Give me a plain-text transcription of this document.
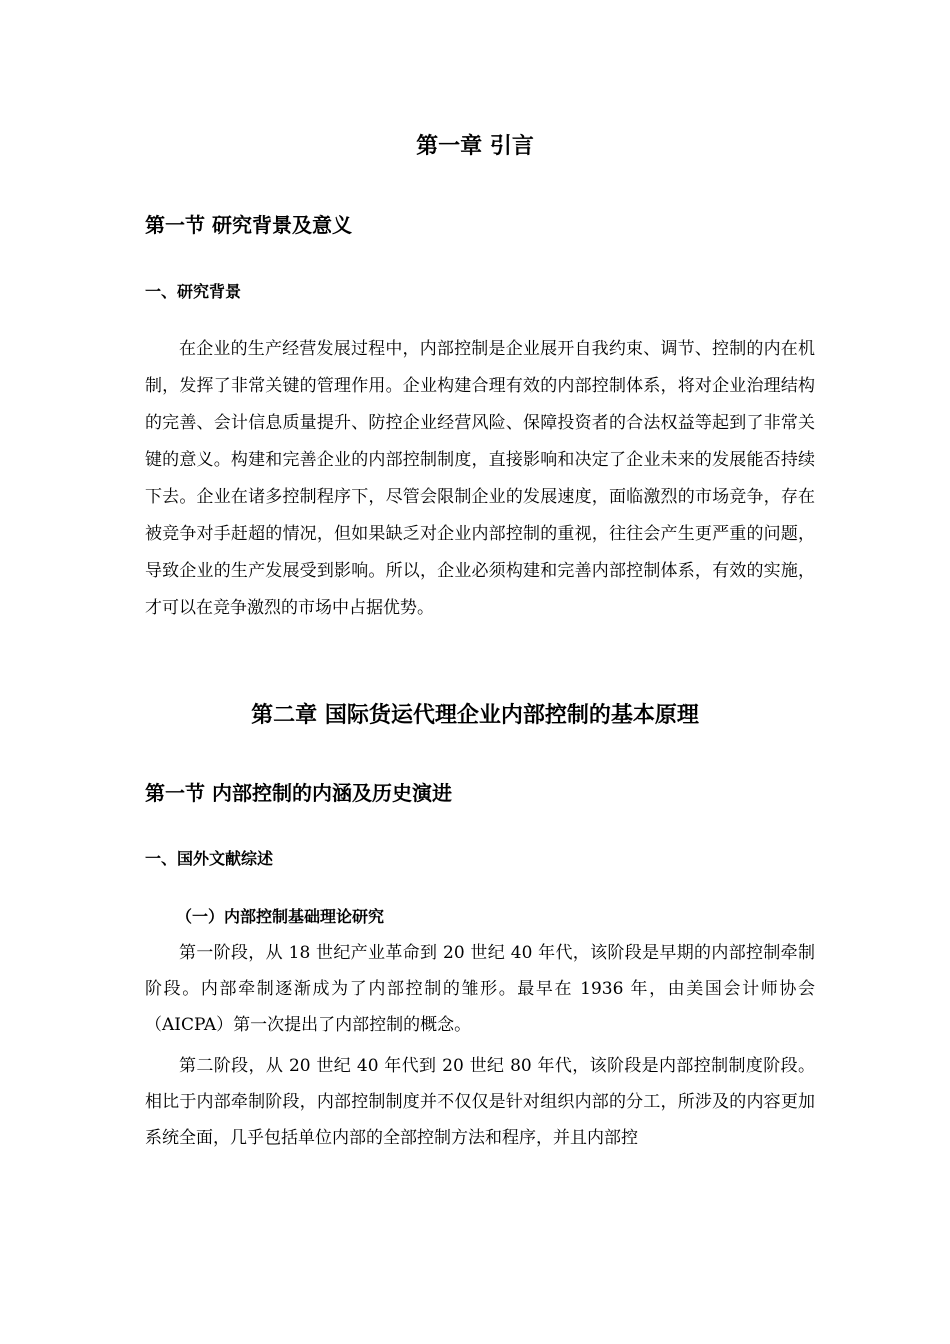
第一章 引言
第一节 研究背景及意义
一、研究背景

在企业的生产经营发展过程中，内部控制是企业展开自我约束、调节、控制的内在机制，发挥了非常关键的管理作用。企业构建合理有效的内部控制体系，将对企业治理结构的完善、会计信息质量提升、防控企业经营风险、保障投资者的合法权益等起到了非常关键的意义。构建和完善企业的内部控制制度，直接影响和决定了企业未来的发展能否持续下去。企业在诸多控制程序下，尽管会限制企业的发展速度，面临激烈的市场竞争，存在被竞争对手赶超的情况，但如果缺乏对企业内部控制的重视，往往会产生更严重的问题，导致企业的生产发展受到影响。所以，企业必须构建和完善内部控制体系，有效的实施，才可以在竞争激烈的市场中占据优势。

第二章 国际货运代理企业内部控制的基本原理
第一节 内部控制的内涵及历史演进
一、国外文献综述
（一）内部控制基础理论研究

第一阶段，从 18 世纪产业革命到 20 世纪 40 年代，该阶段是早期的内部控制牵制阶段。内部牵制逐渐成为了内部控制的雏形。最早在 1936 年，由美国会计师协会（AICPA）第一次提出了内部控制的概念。

第二阶段，从 20 世纪 40 年代到 20 世纪 80 年代，该阶段是内部控制制度阶段。相比于内部牵制阶段，内部控制制度并不仅仅是针对组织内部的分工，所涉及的内容更加系统全面，几乎包括单位内部的全部控制方法和程序，并且内部控
